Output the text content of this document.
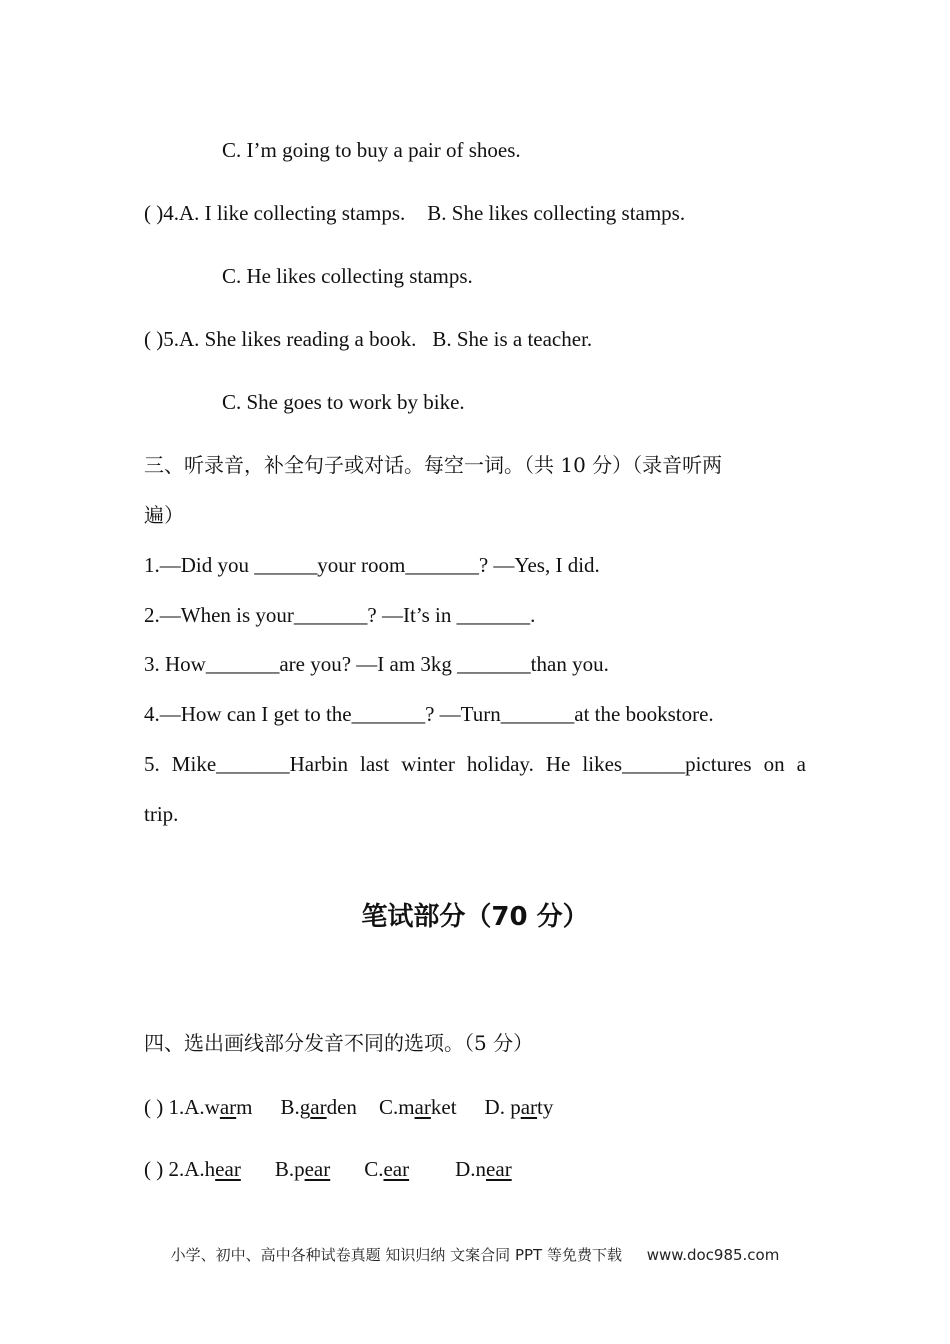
C. I’m going to buy a pair of shoes.
( )4.A. I like collecting stamps. B. She likes collecting stamps.
C. He likes collecting stamps.
( )5.A. She likes reading a book. B. She is a teacher.
C. She goes to work by bike.
三、听录音，补全句子或对话。每空一词。（共 10 分）（录音听两
遍）
1.—Did you ______your room_______? —Yes, I did.
2.—When is your_______? —It’s in _______.
3. How_______are you? —I am 3kg _______than you.
4.—How can I get to the_______? —Turn_______at the bookstore.
5. Mike_______Harbin last winter holiday. He likes______pictures on a
trip.
笔试部分（70 分）
四、选出画线部分发音不同的选项。（5 分）
( ) 1.A.warm B.garden C.market D. party
( ) 2.A.hear B.pear C.ear D.near
小学、初中、高中各种试卷真题 知识归纳 文案合同 PPT 等免费下载 www.doc985.com
